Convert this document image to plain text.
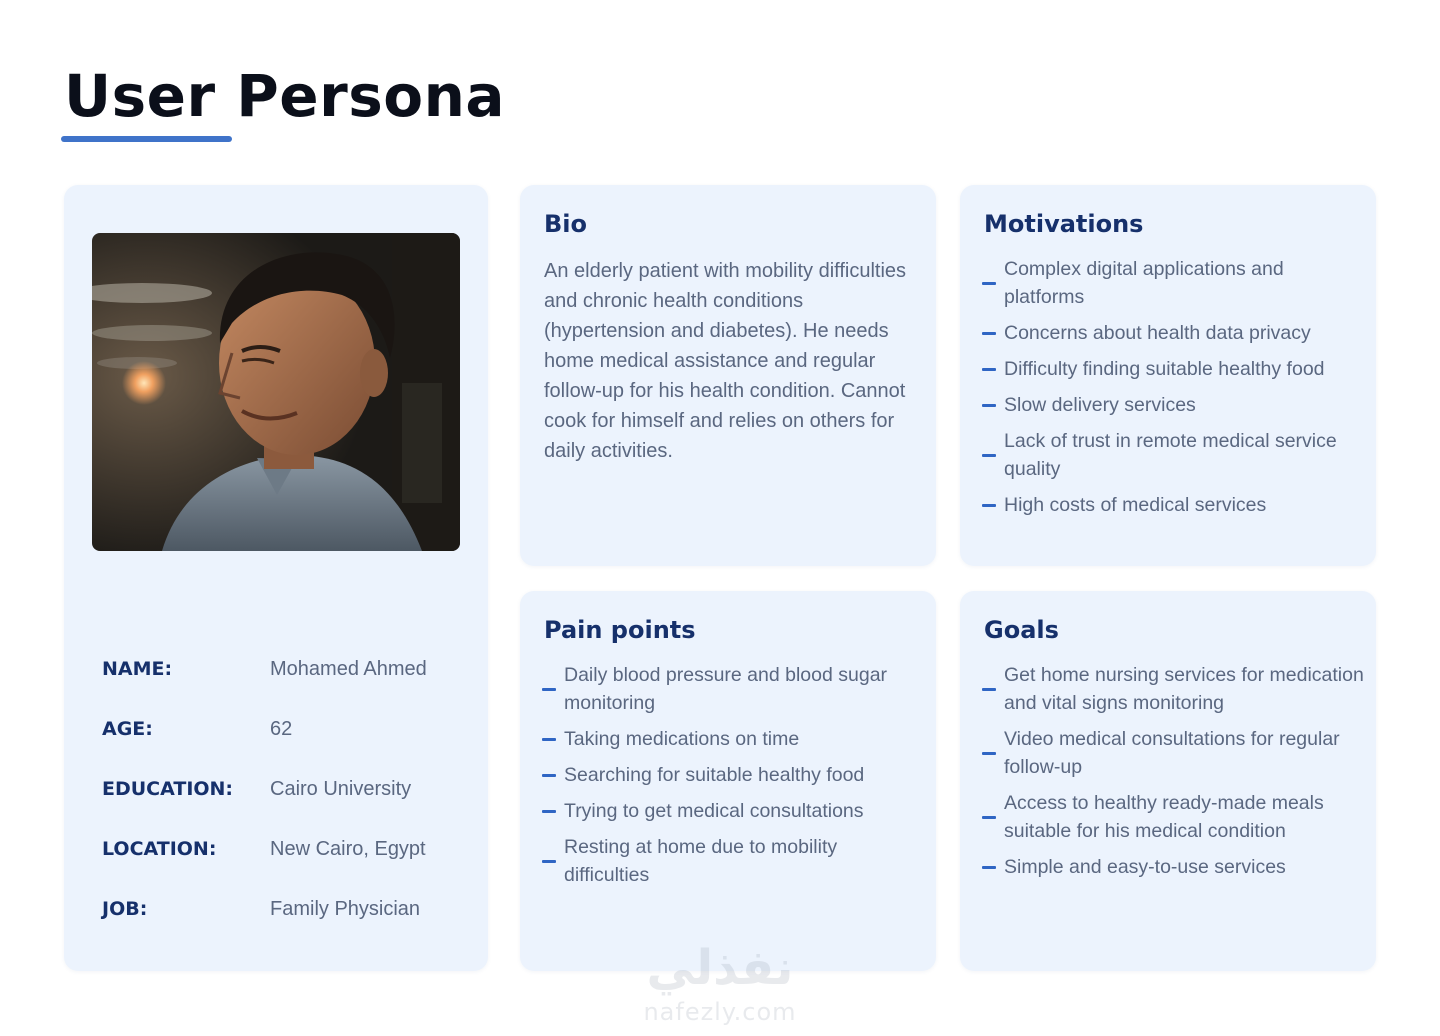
User Persona
NAME:	Mohamed Ahmed
AGE:	62
EDUCATION: Cairo University
LOCATION:	New Cairo, Egypt
JOB:	Family Physician
Bio
An elderly patient with mobility difficulties and chronic health conditions (hypertension and diabetes). He needs home medical assistance and regular follow-up for his health condition. Cannot cook for himself and relies on others for daily activities.
Motivations
Complex digital applications and platforms
Concerns about health data privacy
Difficulty finding suitable healthy food
Slow delivery services
Lack of trust in remote medical service quality
High costs of medical services
Pain points
Daily blood pressure and blood sugar monitoring
Taking medications on time
Searching for suitable healthy food
Trying to get medical consultations
Resting at home due to mobility difficulties
Goals
Get home nursing services for medication and vital signs monitoring
Video medical consultations for regular follow-up
Access to healthy ready-made meals suitable for his medical condition
Simple and easy-to-use services
نفذلي
nafezly.com
